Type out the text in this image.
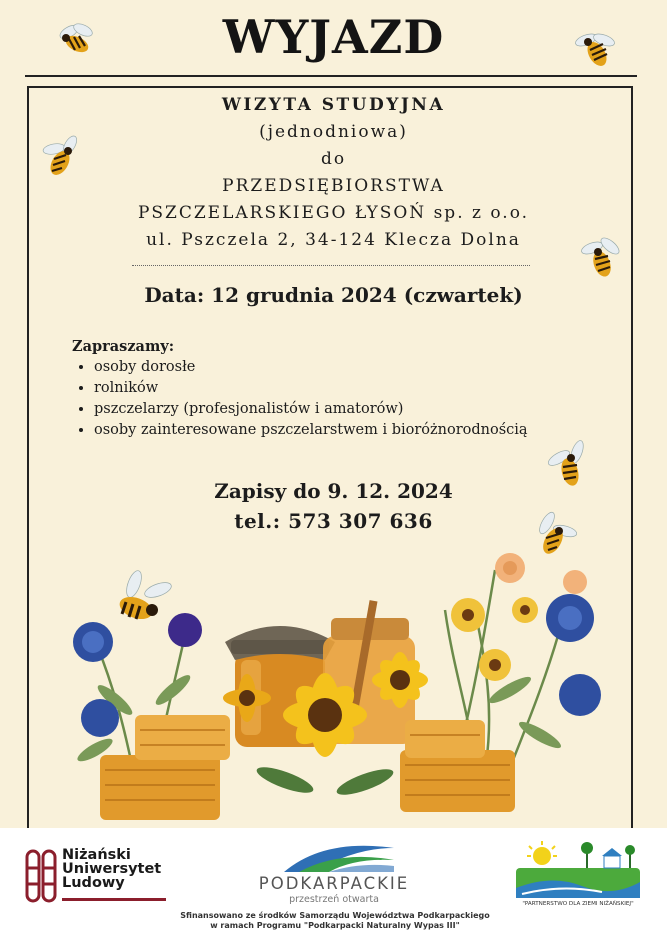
WYJAZD
WIZYTA STUDYJNA
(jednodniowa)
do
PRZEDSIĘBIORSTWA
PSZCZELARSKIEGO ŁYSOŃ sp. z o.o.
ul. Pszczela 2, 34-124 Klecza Dolna
Data: 12 grudnia 2024 (czwartek)
Zapraszamy:
• osoby dorosłe
• rolników
• pszczelarzy (profesjonalistów i amatorów)
• osoby zainteresowane pszczelarstwem i bioróżnorodnością
Zapisy do 9. 12. 2024
tel.: 573 307 636
Niżański
Uniwersytet
Ludowy	PODKARPACKIE
przestrzeń otwarta	"PARTNERSTWO DLA ZIEMI NIŻAŃSKIEJ"
Sfinansowano ze środków Samorządu Województwa Podkarpackiego
w ramach Programu "Podkarpacki Naturalny Wypas III"
